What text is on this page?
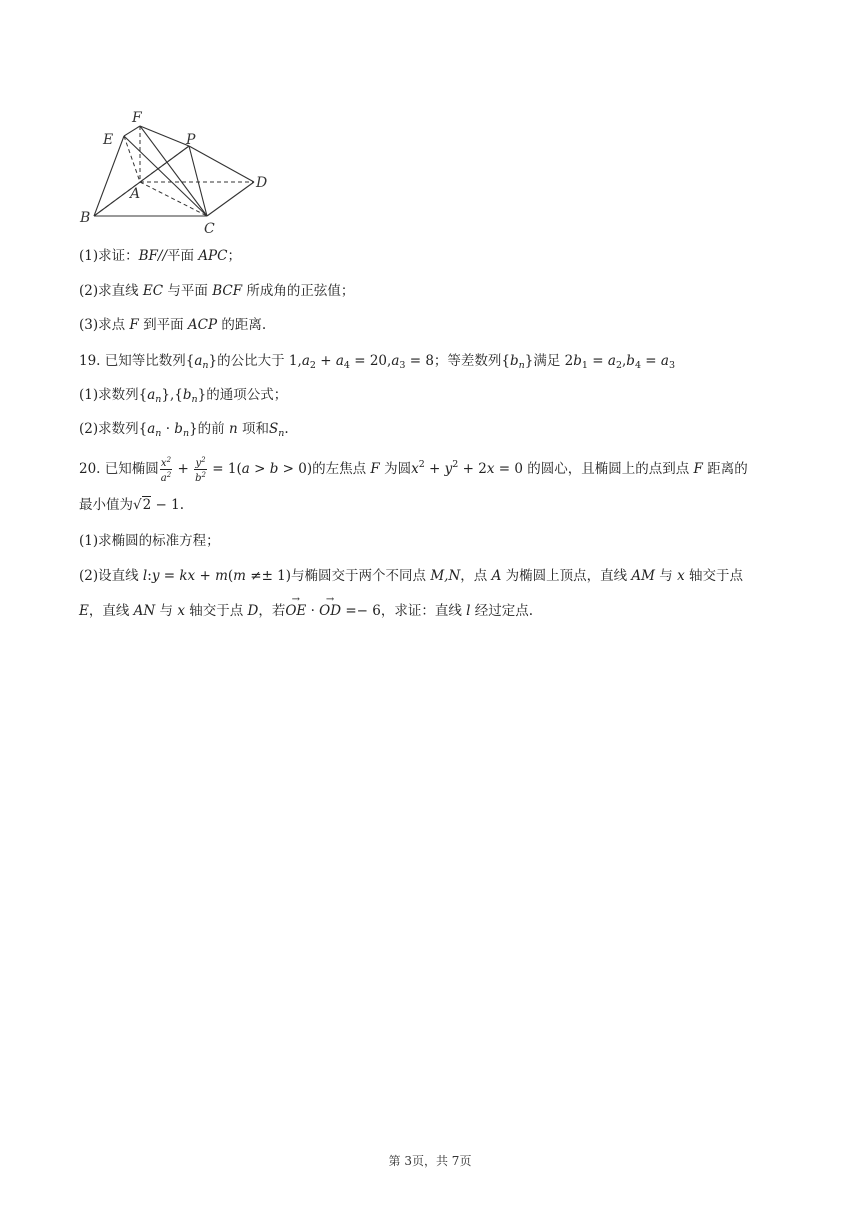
E
F
P
D
A
B
C
(1)求证：BF//平面 APC；
(2)求直线 EC 与平面 BCF 所成角的正弦值；
(3)求点 F 到平面 ACP 的距离.
19. 已知等比数列$\{a_n\}$的公比大于 $1,a_2 + a_4 = 20,a_3 = 8$；等差数列$\{b_n\}$满足 $2b_1 = a_2,b_4 = a_3$
(1)求数列$\{a_n\},\{b_n\}$的通项公式；
(2)求数列$\{a_n \cdot b_n\}$的前 n 项和$S_n$.
20. 已知椭圆 $\frac{x^2}{a^2} + \frac{y^2}{b^2} = 1(a > b > 0)$的左焦点 F 为圆$x^2 + y^2 + 2x = 0$ 的圆心，且椭圆上的点到点 F 距离的
最小值为√2 − 1.
(1)求椭圆的标准方程；
(2)设直线 l:y = kx + m(m ≠± 1)与椭圆交于两个不同点 M,N，点 A 为椭圆上顶点，直线 AM 与 x 轴交于点
E，直线 AN 与 x 轴交于点 D，若→ OE · → OD =− 6，求证：直线 l 经过定点.
第 3页，共 7页
